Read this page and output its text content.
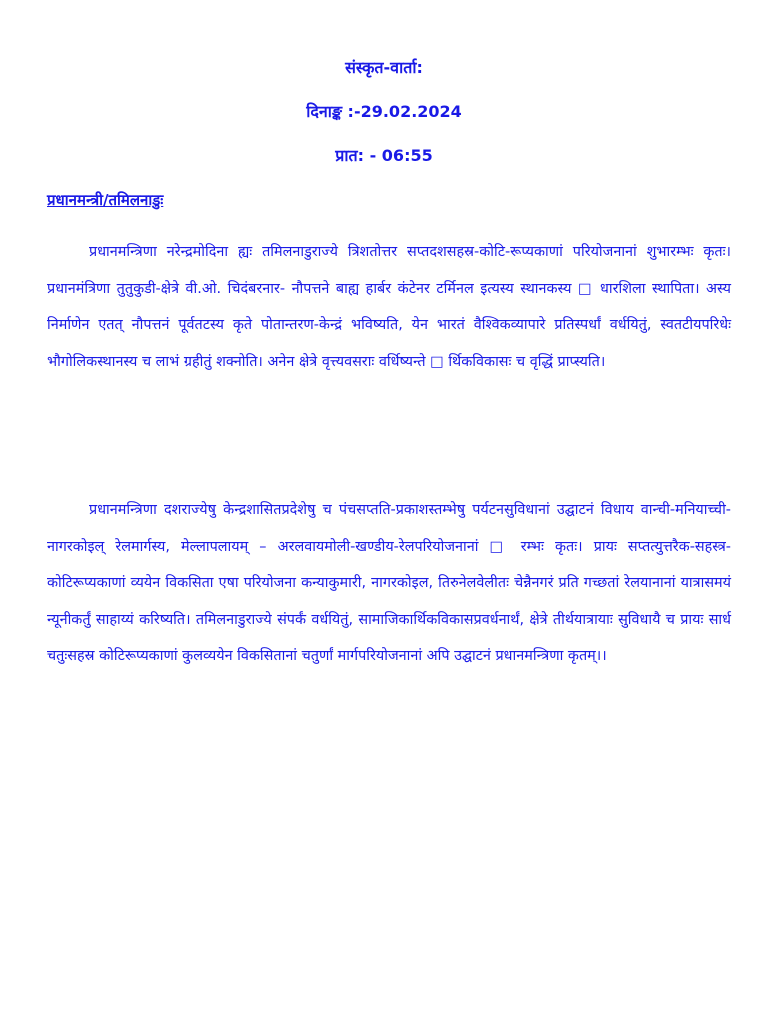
संस्कृत-वार्ता:
दिनाङ्क :-29.02.2024
प्रात: - 06:55
प्रधानमन्त्री/तमिलनाडुः

प्रधानमन्त्रिणा नरेन्द्रमोदिना ह्यः तमिलनाडुराज्ये त्रिशतोत्तर सप्तदशसहस्र-कोटि-रूप्यकाणां परियोजनानां शुभारम्भः कृतः। प्रधानमंत्रिणा तुतुकुडी-क्षेत्रे वी.ओ. चिदंबरनार- नौपत्तने बाह्य हार्बर कंटेनर टर्मिनल इत्यस्य स्थानकस्य □ धारशिला स्थापिता। अस्य निर्माणेन एतत् नौपत्तनं पूर्वतटस्य कृते पोतान्तरण-केन्द्रं भविष्यति, येन भारतं वैश्विकव्यापारे प्रतिस्पर्धां वर्धयितुं, स्वतटीयपरिधेः भौगोलिकस्थानस्य च लाभं ग्रहीतुं शक्नोति। अनेन क्षेत्रे वृत्त्यवसराः वर्धिष्यन्ते □ र्थिकविकासः च वृद्धिं प्राप्स्यति।

प्रधानमन्त्रिणा दशराज्येषु केन्द्रशासितप्रदेशेषु च पंचसप्तति-प्रकाशस्तम्भेषु पर्यटनसुविधानां उद्घाटनं विधाय वान्ची-मनियाच्ची-नागरकोइल् रेलमार्गस्य, मेल्लापलायम् – अरलवायमोली-खण्डीय-रेलपरियोजनानां □ रम्भः कृतः। प्रायः सप्तत्युत्तरैक-सहस्त्र- कोटिरूप्यकाणां व्ययेन विकसिता एषा परियोजना कन्याकुमारी, नागरकोइल, तिरुनेलवेलीतः चेन्नैनगरं प्रति गच्छतां रेलयानानां यात्रासमयं न्यूनीकर्तुं साहाय्यं करिष्यति। तमिलनाडुराज्ये संपर्कं वर्धयितुं, सामाजिकार्थिकविकासप्रवर्धनार्थं, क्षेत्रे तीर्थयात्रायाः सुविधायै च प्रायः सार्ध चतुःसहस्र कोटिरूप्यकाणां कुलव्ययेन विकसितानां चतुर्णां मार्गपरियोजनानां अपि उद्घाटनं प्रधानमन्त्रिणा कृतम्।।
